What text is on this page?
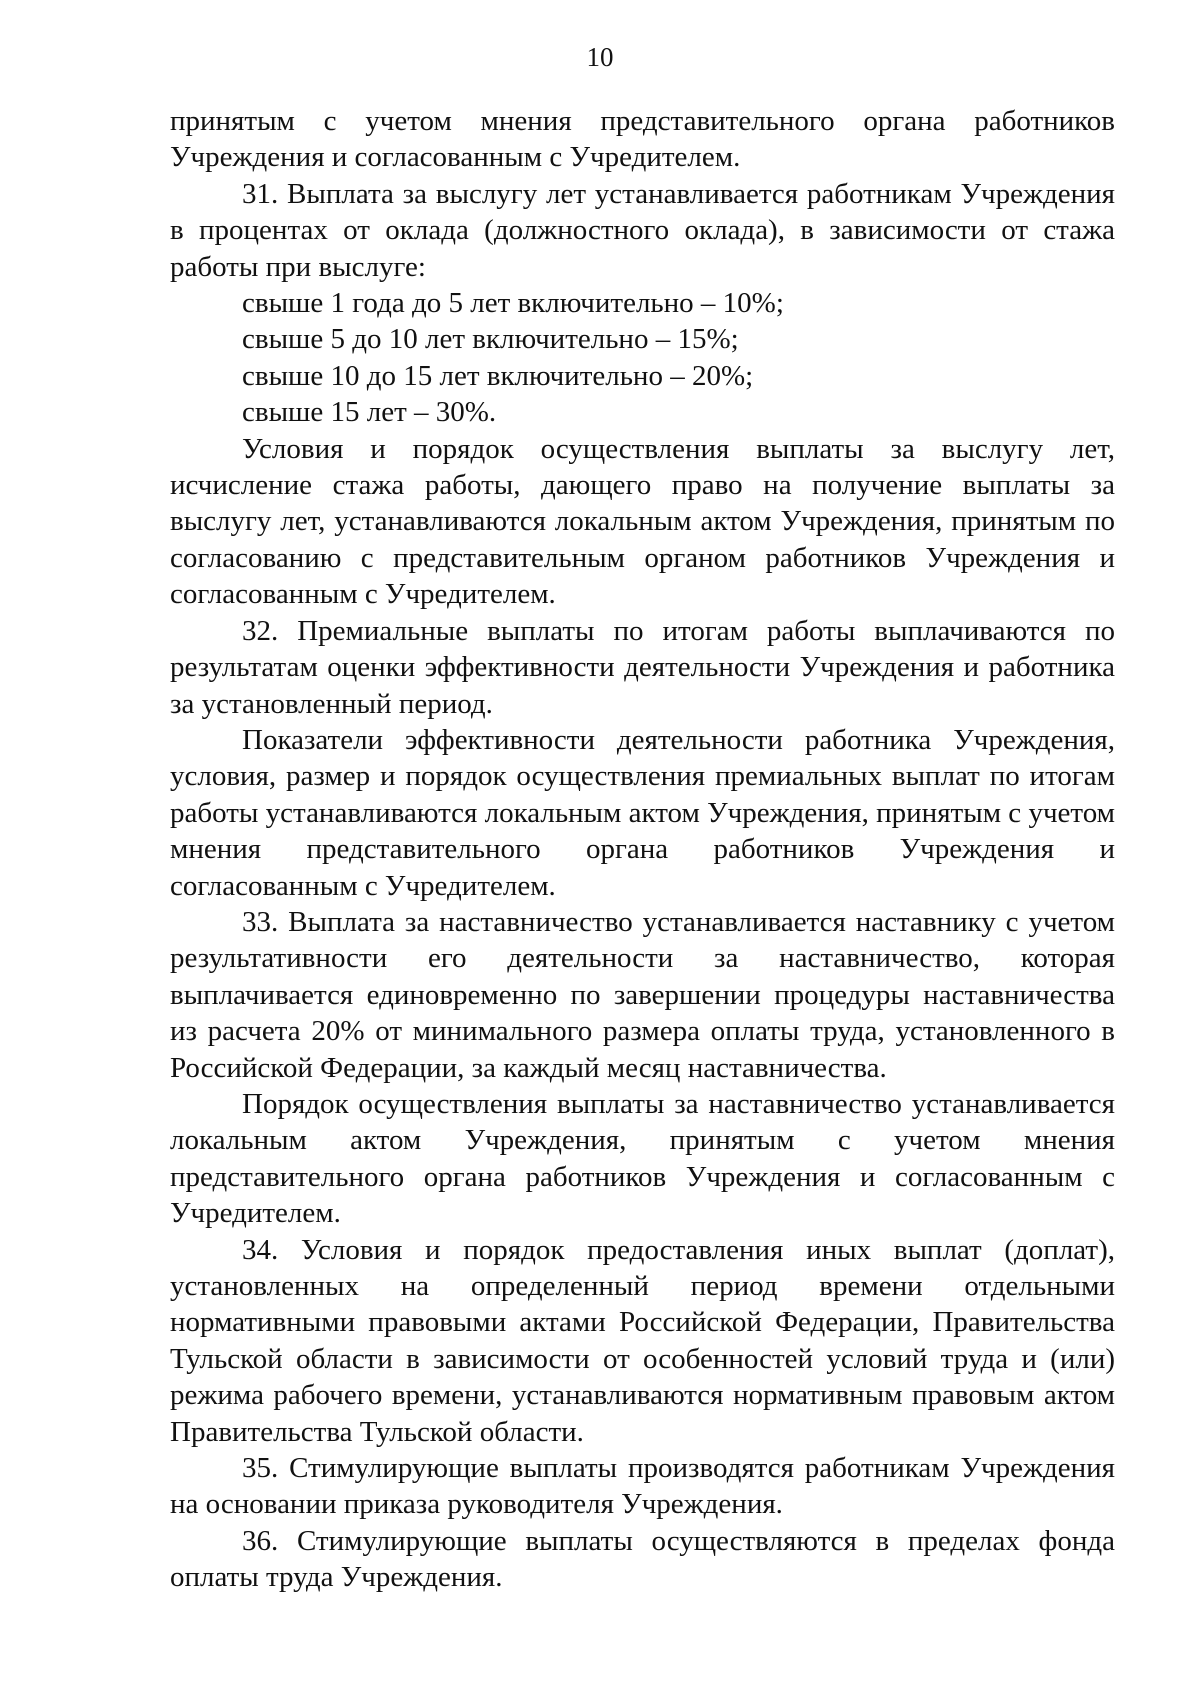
10

принятым с учетом мнения представительного органа работников Учреждения и согласованным с Учредителем.

31. Выплата за выслугу лет устанавливается работникам Учреждения в процентах от оклада (должностного оклада), в зависимости от стажа работы при выслуге:

свыше 1 года до 5 лет включительно – 10%;
свыше 5 до 10 лет включительно – 15%;
свыше 10 до 15 лет включительно – 20%;
свыше 15 лет – 30%.

Условия и порядок осуществления выплаты за выслугу лет, исчисление стажа работы, дающего право на получение выплаты за выслугу лет, устанавливаются локальным актом Учреждения, принятым по согласованию с представительным органом работников Учреждения и согласованным с Учредителем.

32. Премиальные выплаты по итогам работы выплачиваются по результатам оценки эффективности деятельности Учреждения и работника за установленный период.

Показатели эффективности деятельности работника Учреждения, условия, размер и порядок осуществления премиальных выплат по итогам работы устанавливаются локальным актом Учреждения, принятым с учетом мнения представительного органа работников Учреждения и согласованным с Учредителем.

33. Выплата за наставничество устанавливается наставнику с учетом результативности его деятельности за наставничество, которая выплачивается единовременно по завершении процедуры наставничества из расчета 20% от минимального размера оплаты труда, установленного в Российской Федерации, за каждый месяц наставничества.

Порядок осуществления выплаты за наставничество устанавливается локальным актом Учреждения, принятым с учетом мнения представительного органа работников Учреждения и согласованным с Учредителем.

34. Условия и порядок предоставления иных выплат (доплат), установленных на определенный период времени отдельными нормативными правовыми актами Российской Федерации, Правительства Тульской области в зависимости от особенностей условий труда и (или) режима рабочего времени, устанавливаются нормативным правовым актом Правительства Тульской области.

35. Стимулирующие выплаты производятся работникам Учреждения на основании приказа руководителя Учреждения.

36. Стимулирующие выплаты осуществляются в пределах фонда оплаты труда Учреждения.
